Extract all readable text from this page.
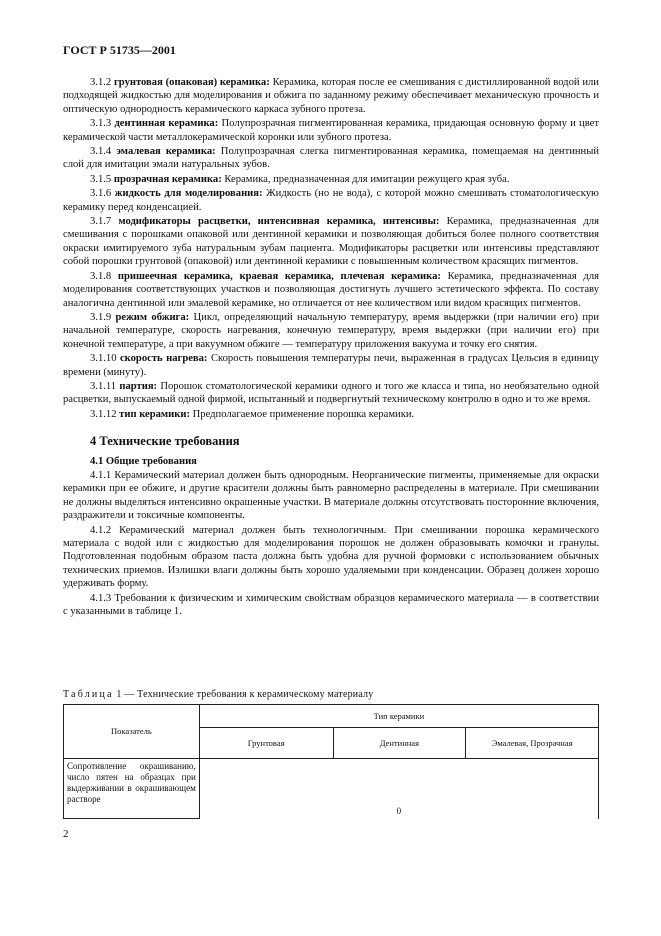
ГОСТ Р 51735—2001

3.1.2 грунтовая (опаковая) керамика: Керамика, которая после ее смешивания с дистиллированной водой или подходящей жидкостью для моделирования и обжига по заданному режиму обеспечивает механическую прочность и оптическую однородность керамического каркаса зубного протеза.

3.1.3 дентинная керамика: Полупрозрачная пигментированная керамика, придающая основную форму и цвет керамической части металлокерамической коронки или зубного протеза.

3.1.4 эмалевая керамика: Полупрозрачная слегка пигментированная керамика, помещаемая на дентинный слой для имитации эмали натуральных зубов.

3.1.5 прозрачная керамика: Керамика, предназначенная для имитации режущего края зуба.

3.1.6 жидкость для моделирования: Жидкость (но не вода), с которой можно смешивать стоматологическую керамику перед конденсацией.

3.1.7 модификаторы расцветки, интенсивная керамика, интенсивы: Керамика, предназначенная для смешивания с порошками опаковой или дентинной керамики и позволяющая добиться более полного соответствия окраски имитируемого зуба натуральным зубам пациента. Модификаторы расцветки или интенсивы представляют собой порошки грунтовой (опаковой) или дентинной керамики с повышенным количеством красящих пигментов.

3.1.8 пришеечная керамика, краевая керамика, плечевая керамика: Керамика, предназначенная для моделирования соответствующих участков и позволяющая достигнуть лучшего эстетического эффекта. По составу аналогична дентинной или эмалевой керамике, но отличается от нее количеством или видом красящих пигментов.

3.1.9 режим обжига: Цикл, определяющий начальную температуру, время выдержки (при наличии его) при начальной температуре, скорость нагревания, конечную температуру, время выдержки (при наличии его) при конечной температуре, а при вакуумном обжиге — температуру приложения вакуума и точку его снятия.

3.1.10 скорость нагрева: Скорость повышения температуры печи, выраженная в градусах Цельсия в единицу времени (минуту).

3.1.11 партия: Порошок стоматологической керамики одного и того же класса и типа, но необязательно одной расцветки, выпускаемый одной фирмой, испытанный и подвергнутый техническому контролю в одно и то же время.

3.1.12 тип керамики: Предполагаемое применение порошка керамики.

4 Технические требования

4.1 Общие требования

4.1.1 Керамический материал должен быть однородным. Неорганические пигменты, применяемые для окраски керамики при ее обжиге, и другие красители должны быть равномерно распределены в материале. При смешивании не должны выделяться интенсивно окрашенные участки. В материале должны отсутствовать посторонние включения, раздражители и токсичные компоненты.

4.1.2 Керамический материал должен быть технологичным. При смешивании порошка керамического материала с водой или с жидкостью для моделирования порошок не должен образовывать комочки и гранулы. Подготовленная подобным образом паста должна быть удобна для ручной формовки с использованием обычных технических приемов. Излишки влаги должны быть хорошо удаляемыми при конденсации. Образец должен хорошо удерживать форму.

4.1.3 Требования к физическим и химическим свойствам образцов керамического материала — в соответствии с указанными в таблице 1.

Таблица 1 — Технические требования к керамическому материалу
Показатель	Тип керамики		
	Грунтовая	Дентинная	Эмалевая, Прозрачная
Сопротивление окрашиванию, число пятен на образцах при выдерживании в окрашивающем растворе	0		
2
